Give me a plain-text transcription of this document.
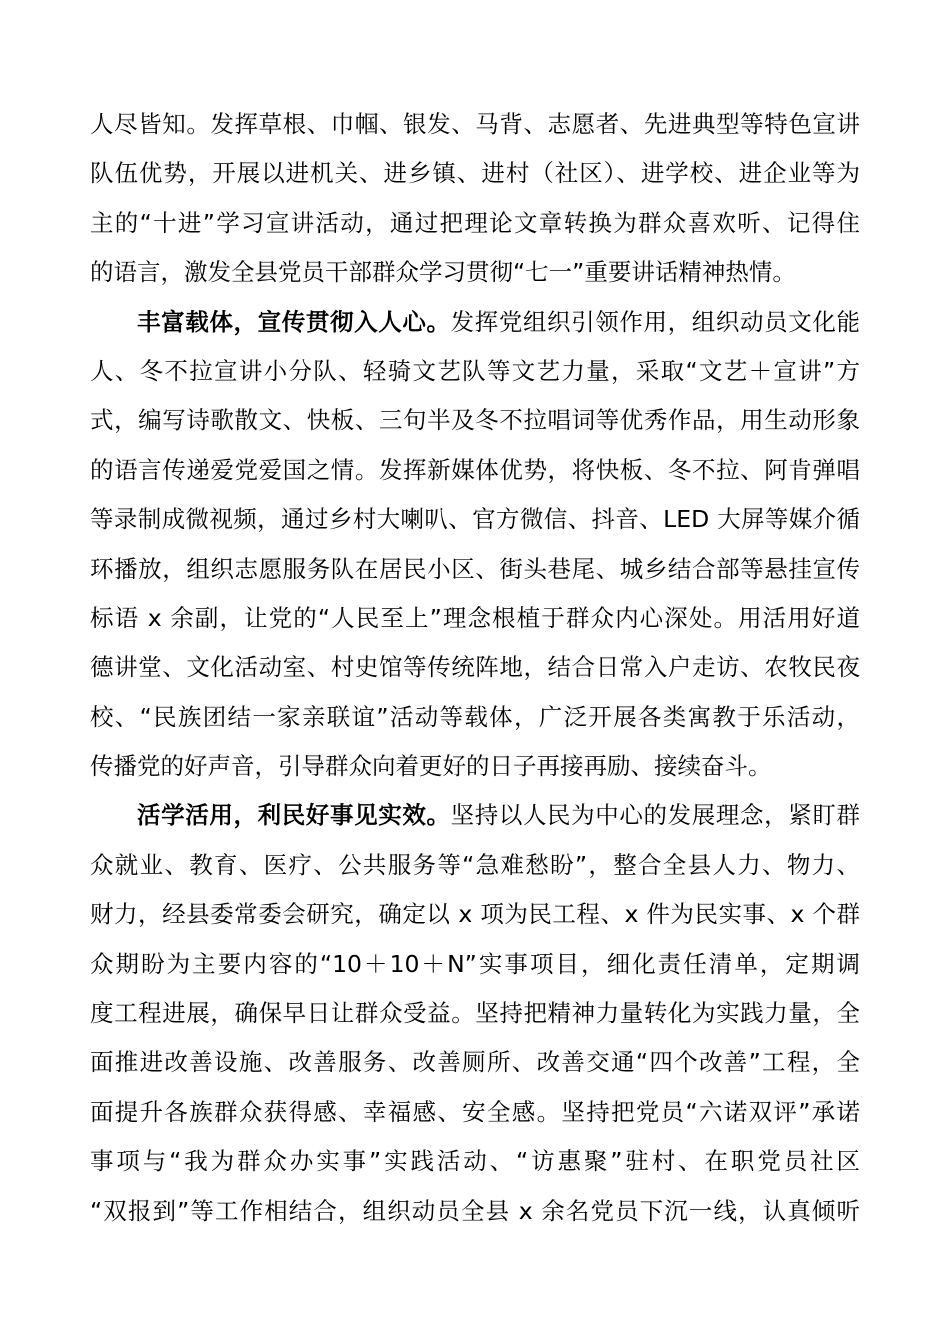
人尽皆知。发挥草根、巾帼、银发、马背、志愿者、先进典型等特色宣讲
队伍优势，开展以进机关、进乡镇、进村（社区）、进学校、进企业等为
主的“十进”学习宣讲活动，通过把理论文章转换为群众喜欢听、记得住
的语言，激发全县党员干部群众学习贯彻“七一”重要讲话精神热情。
丰富载体，宣传贯彻入人心。发挥党组织引领作用，组织动员文化能
人、冬不拉宣讲小分队、轻骑文艺队等文艺力量，采取“文艺＋宣讲”方
式，编写诗歌散文、快板、三句半及冬不拉唱词等优秀作品，用生动形象
的语言传递爱党爱国之情。发挥新媒体优势，将快板、冬不拉、阿肯弹唱
等录制成微视频，通过乡村大喇叭、官方微信、抖音、LED 大屏等媒介循
环播放，组织志愿服务队在居民小区、街头巷尾、城乡结合部等悬挂宣传
标语 x 余副，让党的“人民至上”理念根植于群众内心深处。用活用好道
德讲堂、文化活动室、村史馆等传统阵地，结合日常入户走访、农牧民夜
校、“民族团结一家亲联谊”活动等载体，广泛开展各类寓教于乐活动，
传播党的好声音，引导群众向着更好的日子再接再励、接续奋斗。
活学活用，利民好事见实效。坚持以人民为中心的发展理念，紧盯群
众就业、教育、医疗、公共服务等“急难愁盼”，整合全县人力、物力、
财力，经县委常委会研究，确定以 x 项为民工程、x 件为民实事、x 个群
众期盼为主要内容的“10＋10＋N”实事项目，细化责任清单，定期调
度工程进展，确保早日让群众受益。坚持把精神力量转化为实践力量，全
面推进改善设施、改善服务、改善厕所、改善交通“四个改善”工程，全
面提升各族群众获得感、幸福感、安全感。坚持把党员“六诺双评”承诺
事项与“我为群众办实事”实践活动、“访惠聚”驻村、在职党员社区
“双报到”等工作相结合，组织动员全县 x 余名党员下沉一线，认真倾听
